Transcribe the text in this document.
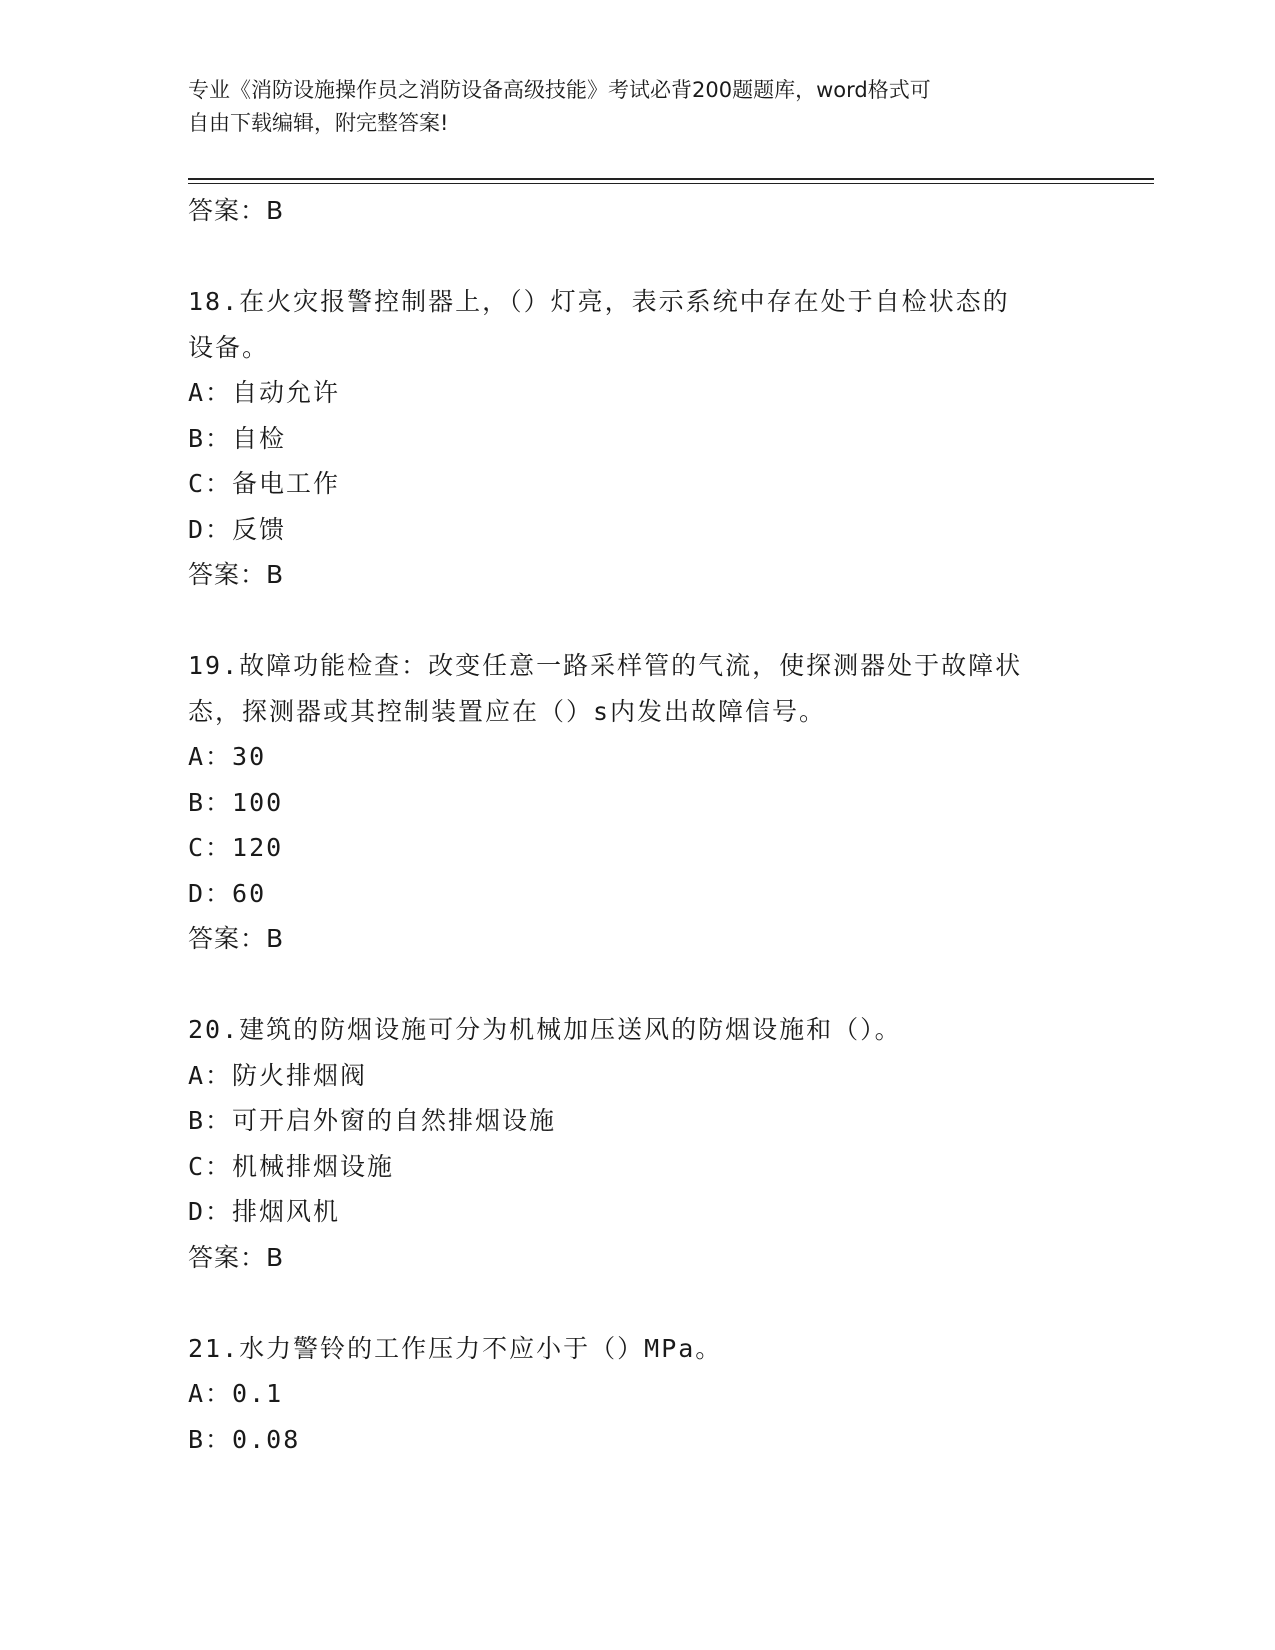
专业《消防设施操作员之消防设备高级技能》考试必背200题题库，word格式可
自由下载编辑，附完整答案!
答案：B
18.在火灾报警控制器上，（）灯亮，表示系统中存在处于自检状态的
设备。
A：自动允许
B：自检
C：备电工作
D：反馈
答案：B
19.故障功能检查：改变任意一路采样管的气流，使探测器处于故障状
态，探测器或其控制装置应在（）s内发出故障信号。
A：30
B：100
C：120
D：60
答案：B
20.建筑的防烟设施可分为机械加压送风的防烟设施和（）。
A：防火排烟阀
B：可开启外窗的自然排烟设施
C：机械排烟设施
D：排烟风机
答案：B
21.水力警铃的工作压力不应小于（）MPa。
A：0.1
B：0.08
